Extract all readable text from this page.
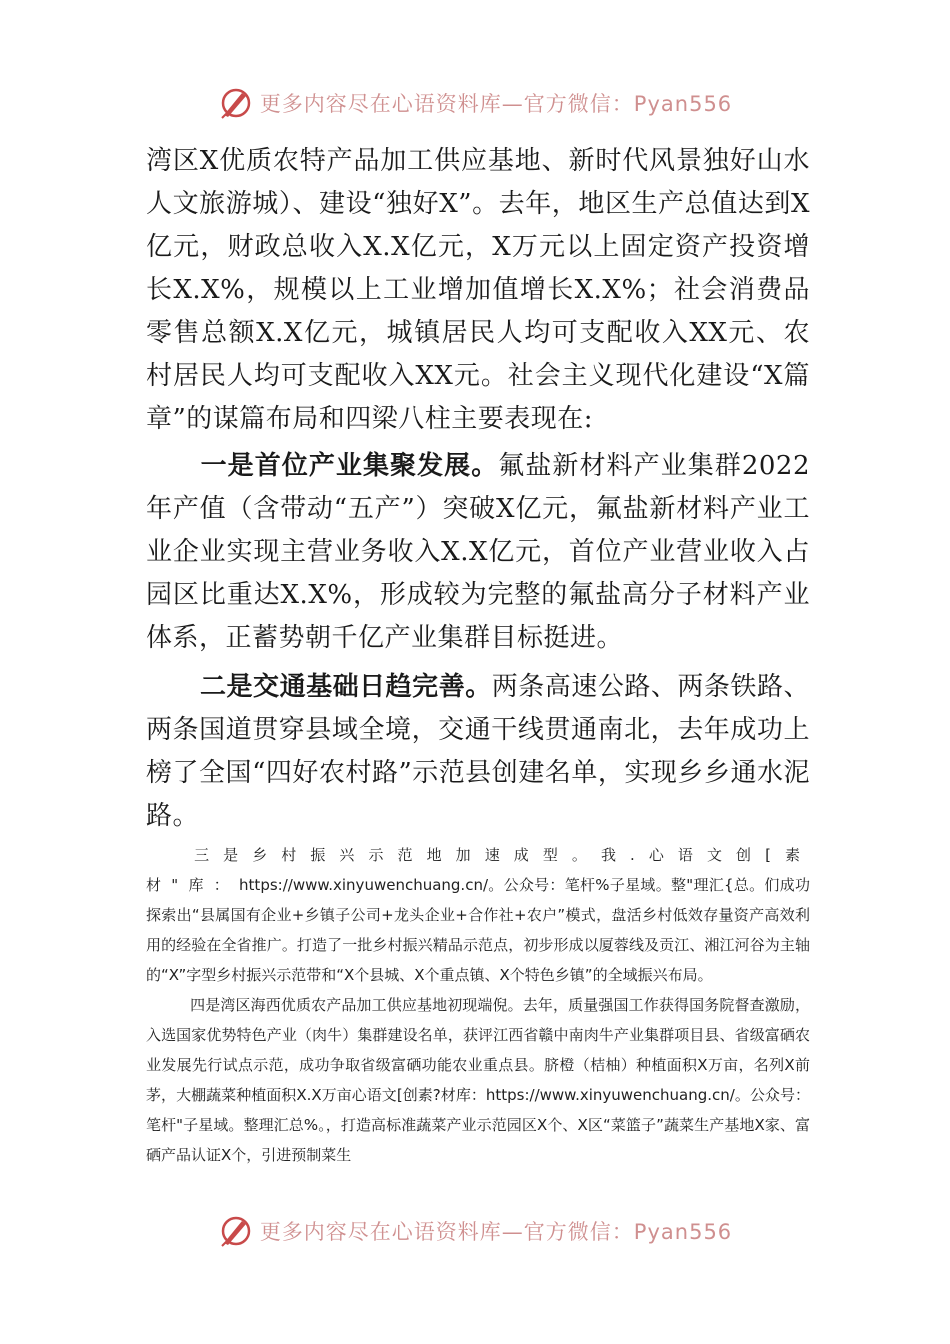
更多内容尽在心语资料库—官方微信：Pyan556

湾区X优质农特产品加工供应基地、新时代风景独好山水人文旅游城）、建设“独好X”。去年，地区生产总值达到X亿元，财政总收入X.X亿元，X万元以上固定资产投资增长X.X%，规模以上工业增加值增长X.X%；社会消费品零售总额X.X亿元，城镇居民人均可支配收入XX元、农村居民人均可支配收入XX元。社会主义现代化建设“X篇章”的谋篇布局和四梁八柱主要表现在:

一是首位产业集聚发展。氟盐新材料产业集群2022年产值（含带动“五产”）突破X亿元，氟盐新材料产业工业企业实现主营业务收入X.X亿元，首位产业营业收入占园区比重达X.X%，形成较为完整的氟盐高分子材料产业体系，正蓄势朝千亿产业集群目标挺进。

二是交通基础日趋完善。两条高速公路、两条铁路、两条国道贯穿县域全境，交通干线贯通南北，去年成功上榜了全国“四好农村路”示范县创建名单，实现乡乡通水泥路。

三是乡村振兴示范地加速成型。我.心语文创[素材"库：https://www.xinyuwenchuang.cn/。公众号：笔杆%子星域。整"理汇{总。们成功探索出“县属国有企业+乡镇子公司+龙头企业+合作社+农户”模式，盘活乡村低效存量资产高效利用的经验在全省推广。打造了一批乡村振兴精品示范点，初步形成以厦蓉线及贡江、湘江河谷为主轴的“X”字型乡村振兴示范带和“X个县城、X个重点镇、X个特色乡镇”的全域振兴布局。

四是湾区海西优质农产品加工供应基地初现端倪。去年，质量强国工作获得国务院督查激励，入选国家优势特色产业（肉牛）集群建设名单，获评江西省赣中南肉牛产业集群项目县、省级富硒农业发展先行试点示范，成功争取省级富硒功能农业重点县。脐橙（桔柚）种植面积X万亩，名列X前茅，大棚蔬菜种植面积X.X万亩心语文[创素?材库：https://www.xinyuwenchuang.cn/。公众号：笔杆"子星域。整理汇总%。，打造高标准蔬菜产业示范园区X个、X区“菜篮子”蔬菜生产基地X家、富硒产品认证X个，引进预制菜生

更多内容尽在心语资料库—官方微信：Pyan556
